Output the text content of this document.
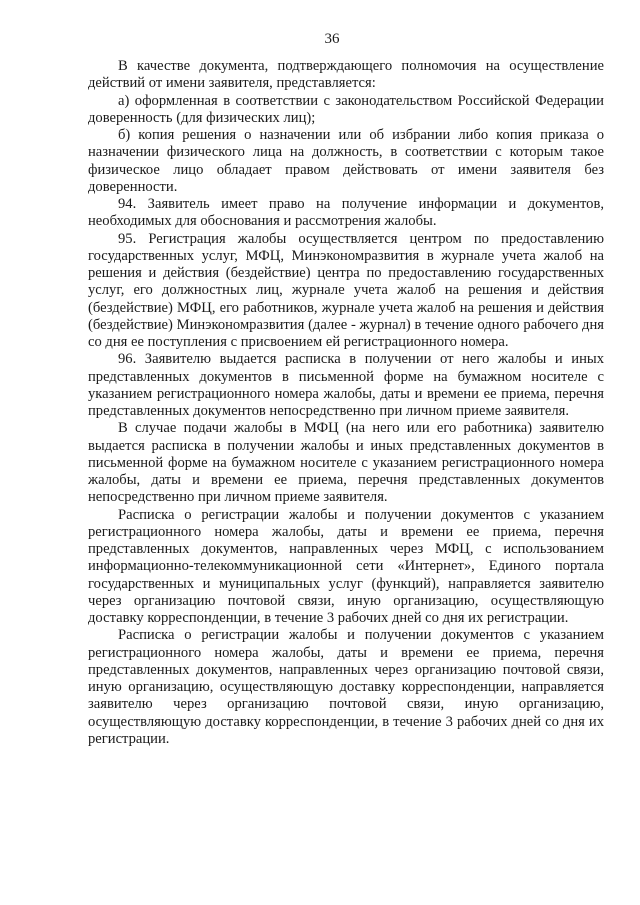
36

В качестве документа, подтверждающего полномочия на осуществление действий от имени заявителя, представляется:

а) оформленная в соответствии с законодательством Российской Федерации доверенность (для физических лиц);

б) копия решения о назначении или об избрании либо копия приказа о назначении физического лица на должность, в соответствии с которым такое физическое лицо обладает правом действовать от имени заявителя без доверенности.

94. Заявитель имеет право на получение информации и документов, необходимых для обоснования и рассмотрения жалобы.

95. Регистрация жалобы осуществляется центром по предоставлению государственных услуг, МФЦ, Минэкономразвития в журнале учета жалоб на решения и действия (бездействие) центра по предоставлению государственных услуг, его должностных лиц, журнале учета жалоб на решения и действия (бездействие) МФЦ, его работников, журнале учета жалоб на решения и действия (бездействие) Минэкономразвития (далее - журнал) в течение одного рабочего дня со дня ее поступления с присвоением ей регистрационного номера.

96. Заявителю выдается расписка в получении от него жалобы и иных представленных документов в письменной форме на бумажном носителе с указанием регистрационного номера жалобы, даты и времени ее приема, перечня представленных документов непосредственно при личном приеме заявителя.

В случае подачи жалобы в МФЦ (на него или его работника) заявителю выдается расписка в получении жалобы и иных представленных документов в письменной форме на бумажном носителе с указанием регистрационного номера жалобы, даты и времени ее приема, перечня представленных документов непосредственно при личном приеме заявителя.

Расписка о регистрации жалобы и получении документов с указанием регистрационного номера жалобы, даты и времени ее приема, перечня представленных документов, направленных через МФЦ, с использованием информационно-телекоммуникационной сети «Интернет», Единого портала государственных и муниципальных услуг (функций), направляется заявителю через организацию почтовой связи, иную организацию, осуществляющую доставку корреспонденции, в течение 3 рабочих дней со дня их регистрации.

Расписка о регистрации жалобы и получении документов с указанием регистрационного номера жалобы, даты и времени ее приема, перечня представленных документов, направленных через организацию почтовой связи, иную организацию, осуществляющую доставку корреспонденции, направляется заявителю через организацию почтовой связи, иную организацию, осуществляющую доставку корреспонденции, в течение 3 рабочих дней со дня их регистрации.
